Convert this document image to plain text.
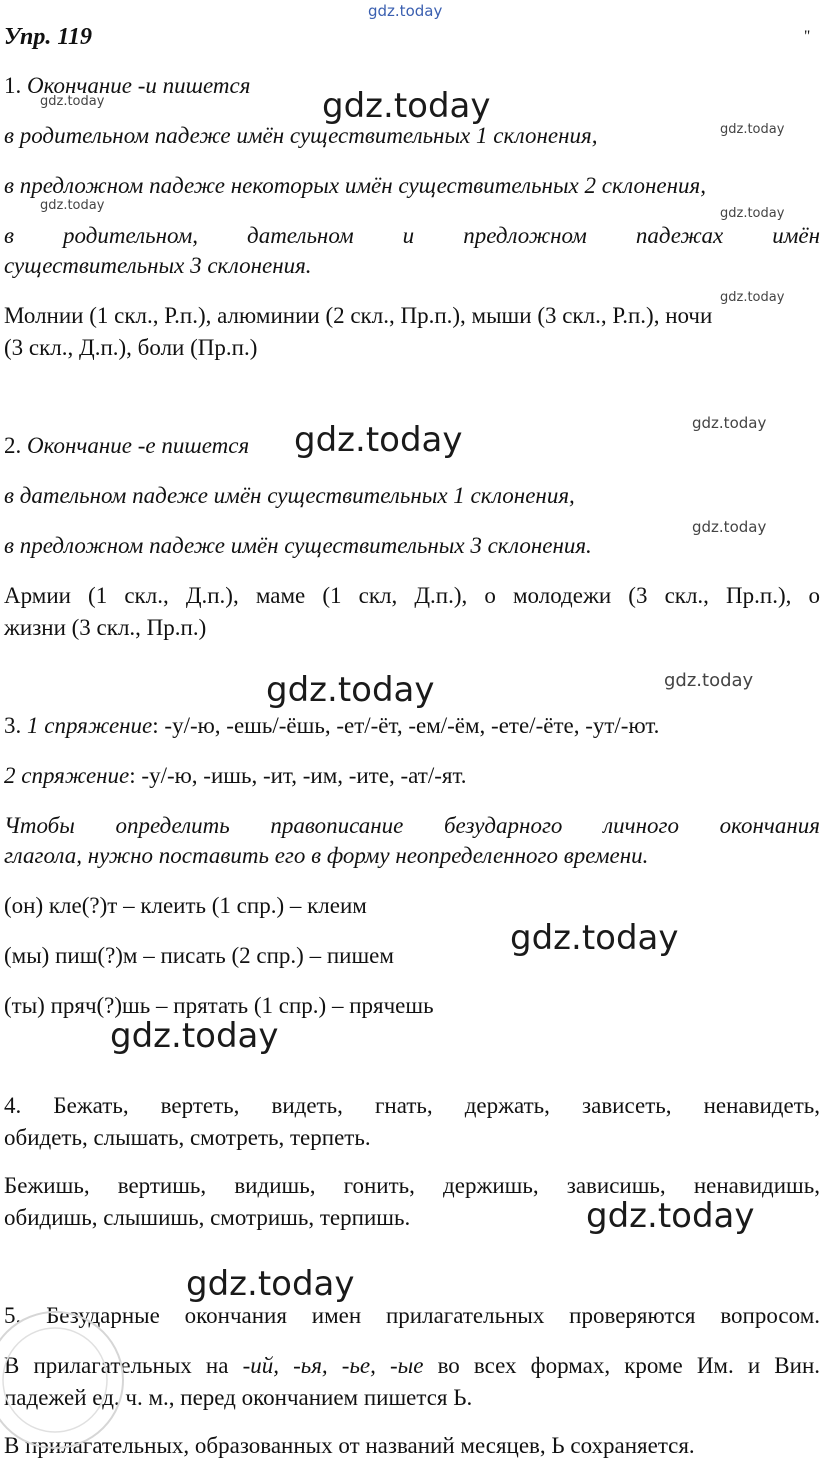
gdz.today
Упр. 119	''
1. Окончание -и пишется
в родительном падеже имён существительных 1 склонения,
в предложном падеже некоторых имён существительных 2 склонения,
в родительном, дательном и предложном падежах имён
существительных 3 склонения.
Молнии (1 скл., Р.п.), алюминии (2 скл., Пр.п.), мыши (3 скл., Р.п.), ночи
(3 скл., Д.п.), боли (Пр.п.)
2. Окончание -е пишется
в дательном падеже имён существительных 1 склонения,
в предложном падеже имён существительных 3 склонения.
Армии (1 скл., Д.п.), маме (1 скл, Д.п.), о молодежи (3 скл., Пр.п.), о
жизни (3 скл., Пр.п.)
3. 1 спряжение: -у/-ю, -ешь/-ёшь, -ет/-ёт, -ем/-ём, -ете/-ёте, -ут/-ют.
2 спряжение: -у/-ю, -ишь, -ит, -им, -ите, -ат/-ят.
Чтобы определить правописание безударного личного окончания
глагола, нужно поставить его в форму неопределенного времени.
(он) кле(?)т – клеить (1 спр.) – клеим
(мы) пиш(?)м – писать (2 спр.) – пишем
(ты) пряч(?)шь – прятать (1 спр.) – прячешь
4. Бежать, вертеть, видеть, гнать, держать, зависеть, ненавидеть,
обидеть, слышать, смотреть, терпеть.
Бежишь, вертишь, видишь, гонить, держишь, зависишь, ненавидишь,
обидишь, слышишь, смотришь, терпишь.
5. Безударные окончания имен прилагательных проверяются вопросом.
В прилагательных на -ий, -ья, -ье, -ые во всех формах, кроме Им. и Вин.
падежей ед. ч. м., перед окончанием пишется Ь.
В прилагательных, образованных от названий месяцев, Ь сохраняется.
gdz.today
gdz.today
gdz.today
gdz.today
gdz.today
gdz.today
gdz.today
gdz.today
gdz.today
gdz.today
gdz.today
gdz.today
gdz.today
gdz.today
gdz.today
